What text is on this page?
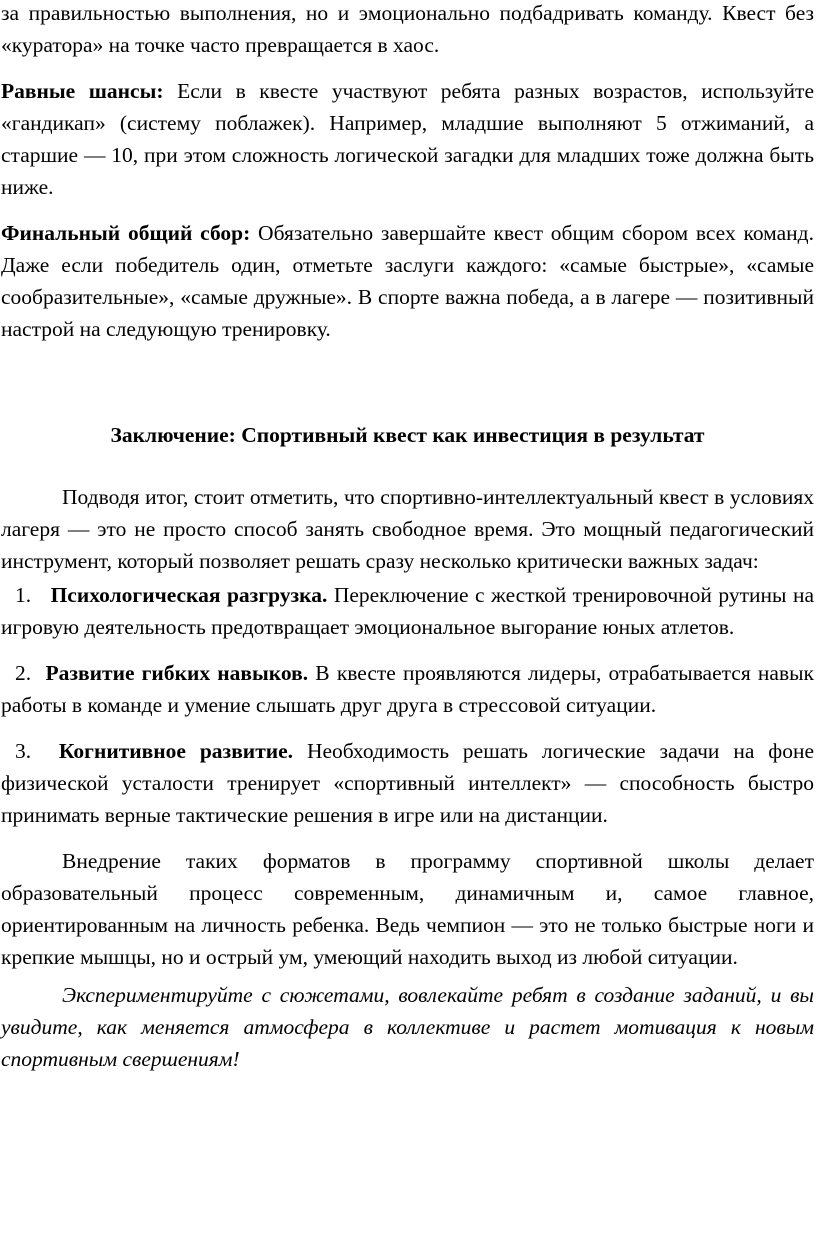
за правильностью выполнения, но и эмоционально подбадривать команду. Квест без «куратора» на точке часто превращается в хаос.

Равные шансы: Если в квесте участвуют ребята разных возрастов, используйте «гандикап» (систему поблажек). Например, младшие выполняют 5 отжиманий, а старшие — 10, при этом сложность логической загадки для младших тоже должна быть ниже.

Финальный общий сбор: Обязательно завершайте квест общим сбором всех команд. Даже если победитель один, отметьте заслуги каждого: «самые быстрые», «самые сообразительные», «самые дружные». В спорте важна победа, а в лагере — позитивный настрой на следующую тренировку.

Заключение: Спортивный квест как инвестиция в результат

Подводя итог, стоит отметить, что спортивно-интеллектуальный квест в условиях лагеря — это не просто способ занять свободное время. Это мощный педагогический инструмент, который позволяет решать сразу несколько критически важных задач:

1. Психологическая разгрузка. Переключение с жесткой тренировочной рутины на игровую деятельность предотвращает эмоциональное выгорание юных атлетов.

2. Развитие гибких навыков. В квесте проявляются лидеры, отрабатывается навык работы в команде и умение слышать друг друга в стрессовой ситуации.

3. Когнитивное развитие. Необходимость решать логические задачи на фоне физической усталости тренирует «спортивный интеллект» — способность быстро принимать верные тактические решения в игре или на дистанции.

Внедрение таких форматов в программу спортивной школы делает образовательный процесс современным, динамичным и, самое главное, ориентированным на личность ребенка. Ведь чемпион — это не только быстрые ноги и крепкие мышцы, но и острый ум, умеющий находить выход из любой ситуации.

Экспериментируйте с сюжетами, вовлекайте ребят в создание заданий, и вы увидите, как меняется атмосфера в коллективе и растет мотивация к новым спортивным свершениям!
